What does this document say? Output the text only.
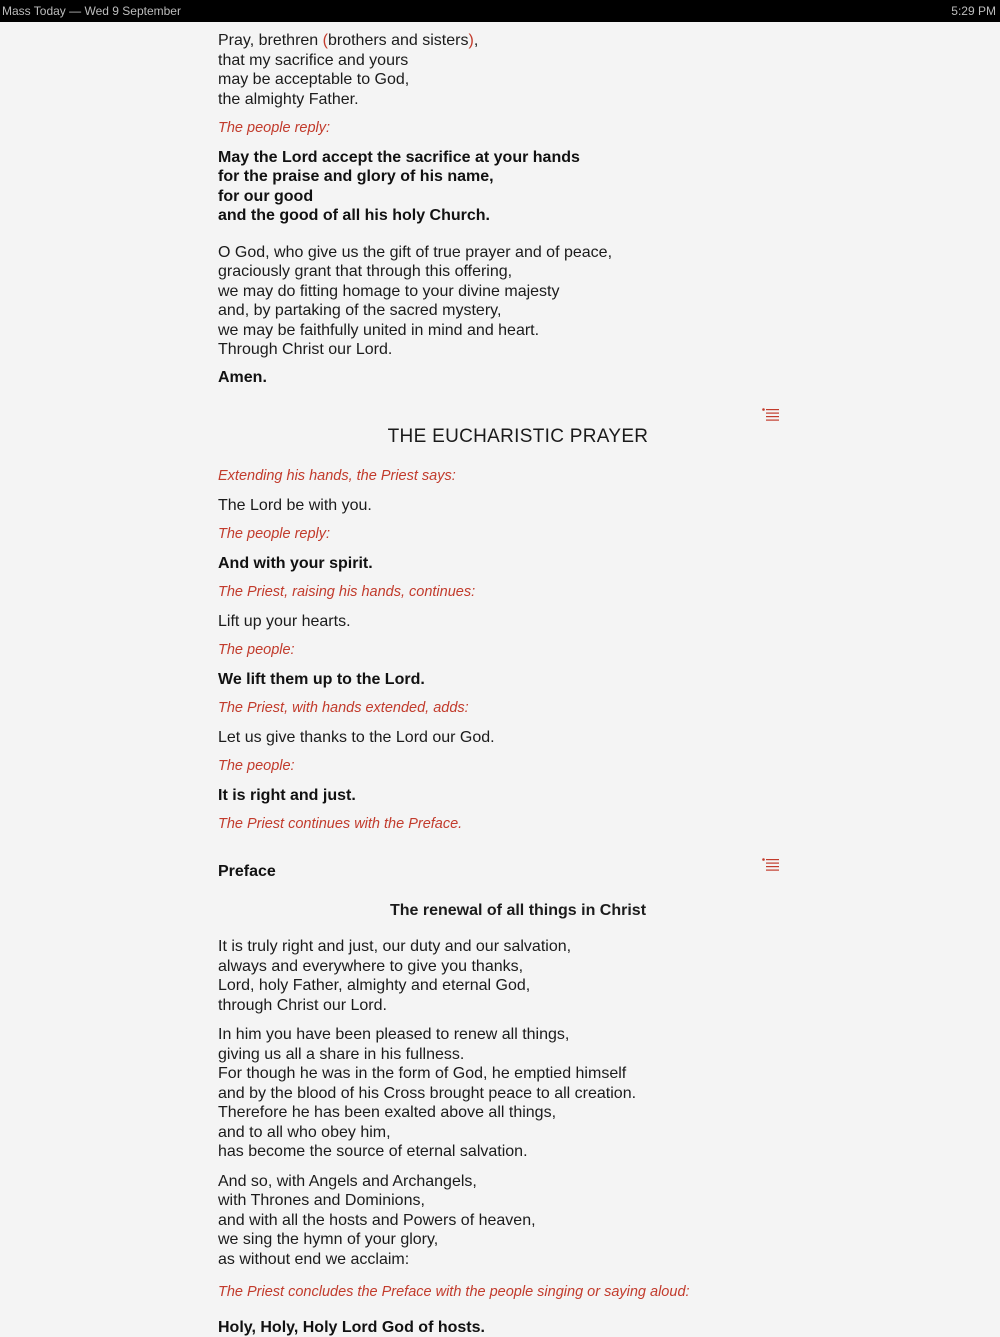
Mass Today — Wed 9 September	5:29 PM
Pray, brethren (brothers and sisters),
that my sacrifice and yours
may be acceptable to God,
the almighty Father.

The people reply:

May the Lord accept the sacrifice at your hands
for the praise and glory of his name,
for our good
and the good of all his holy Church.
O God, who give us the gift of true prayer and of peace,
graciously grant that through this offering,
we may do fitting homage to your divine majesty
and, by partaking of the sacred mystery,
we may be faithfully united in mind and heart.
Through Christ our Lord.

Amen.

THE EUCHARISTIC PRAYER

Extending his hands, the Priest says:

The Lord be with you.

The people reply:

And with your spirit.

The Priest, raising his hands, continues:

Lift up your hearts.

The people:

We lift them up to the Lord.

The Priest, with hands extended, adds:

Let us give thanks to the Lord our God.

The people:

It is right and just.

The Priest continues with the Preface.

Preface

The renewal of all things in Christ

It is truly right and just, our duty and our salvation,
always and everywhere to give you thanks,
Lord, holy Father, almighty and eternal God,
through Christ our Lord.
In him you have been pleased to renew all things,
giving us all a share in his fullness.
For though he was in the form of God, he emptied himself
and by the blood of his Cross brought peace to all creation.
Therefore he has been exalted above all things,
and to all who obey him,
has become the source of eternal salvation.
And so, with Angels and Archangels,
with Thrones and Dominions,
and with all the hosts and Powers of heaven,
we sing the hymn of your glory,
as without end we acclaim:

The Priest concludes the Preface with the people singing or saying aloud:

Holy, Holy, Holy Lord God of hosts.
